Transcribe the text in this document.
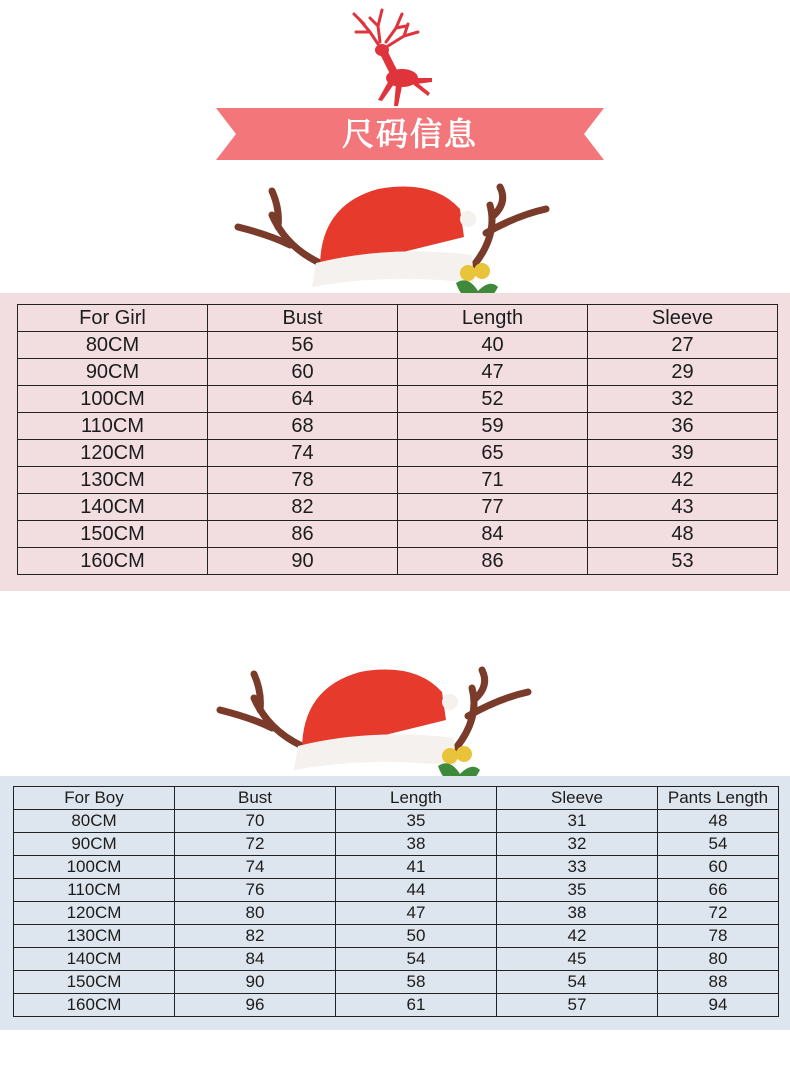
尺码信息
For Girl	Bust	Length	Sleeve
80CM	56	40	27
90CM	60	47	29
100CM	64	52	32
110CM	68	59	36
120CM	74	65	39
130CM	78	71	42
140CM	82	77	43
150CM	86	84	48
160CM	90	86	53
For Boy	Bust	Length	Sleeve	Pants Length
80CM	70	35	31	48
90CM	72	38	32	54
100CM	74	41	33	60
110CM	76	44	35	66
120CM	80	47	38	72
130CM	82	50	42	78
140CM	84	54	45	80
150CM	90	58	54	88
160CM	96	61	57	94
